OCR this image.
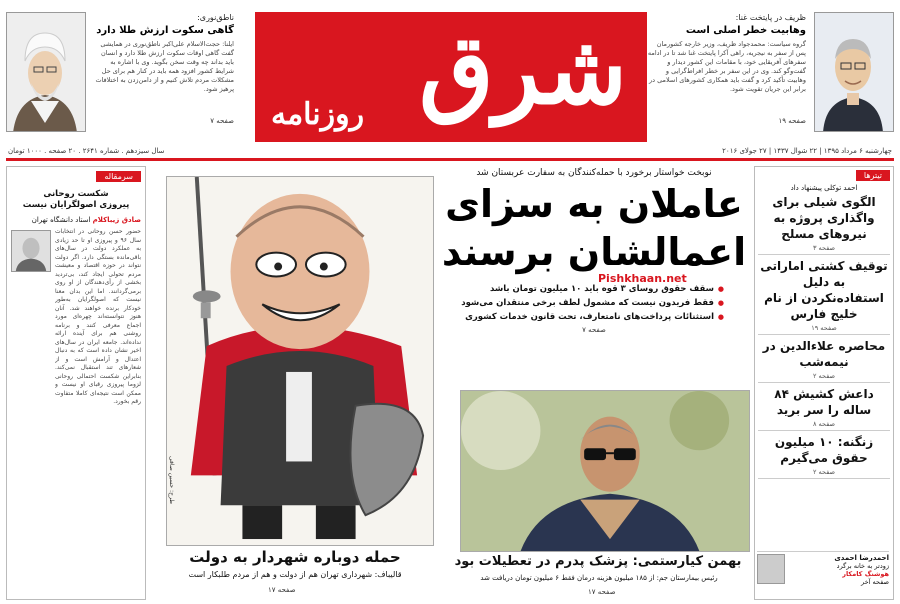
ظریف در پایتخت غنا:
وهابیت خطر اصلی است
گروه سیاست: محمدجواد ظریف، وزیر خارجه کشورمان پس از سفر به نیجریه، راهی آکرا پایتخت غنا شد تا در ادامه سفرهای آفریقایی خود، با مقامات این کشور دیدار و گفت‌وگو کند. وی در این سفر بر خطر افراط‌گرایی و وهابیت تأکید کرد و گفت باید همکاری کشورهای اسلامی در برابر این جریان تقویت شود.
صفحه ۱۹
شرق
روزنامه
ناطق‌نوری:
گاهی سکوت ارزش طلا دارد
ایلنا: حجت‌الاسلام علی‌اکبر ناطق‌نوری در همایشی گفت گاهی اوقات سکوت ارزش طلا دارد و انسان باید بداند چه وقت سخن بگوید. وی با اشاره به شرایط کشور افزود همه باید در کنار هم برای حل مشکلات مردم تلاش کنیم و از دامن‌زدن به اختلافات پرهیز شود.
صفحه ۷
چهارشنبه ۶ مرداد ۱۳۹۵ | ۲۲ شوال ۱۴۳۷ | ۲۷ جولای ۲۰۱۶
سال سیزدهم . شماره ۲۶۴۱ . ۲۰ صفحه . ۱۰۰۰ تومان
سرمقاله
شکست روحانی
پیروزی اصولگرایان نیست
صادق زیباکلام استاد دانشگاه تهران
حضور حسن روحانی در انتخابات سال ۹۶ و پیروزی او تا حد زیادی به عملکرد دولت در سال‌های باقی‌مانده بستگی دارد. اگر دولت نتواند در حوزه اقتصاد و معیشت مردم تحولی ایجاد کند، بی‌تردید بخشی از رأی‌دهندگان از او روی برمی‌گردانند. اما این بدان معنا نیست که اصولگرایان به‌طور خودکار برنده خواهند شد. آنان هنوز نتوانسته‌اند چهره‌ای مورد اجماع معرفی کنند و برنامه روشنی هم برای آینده ارائه نداده‌اند. جامعه ایران در سال‌های اخیر نشان داده است که به دنبال اعتدال و آرامش است و از شعارهای تند استقبال نمی‌کند. بنابراین شکست احتمالی روحانی لزوما پیروزی رقبای او نیست و ممکن است نتیجه‌ای کاملا متفاوت رقم بخورد.
طرح: حسین صافی
حمله دوباره شهردار به دولت
قالیباف: شهرداری تهران هم از دولت و هم از مردم طلبکار است
صفحه ۱۷
نوبخت خواستار برخورد با حمله‌کنندگان به سفارت عربستان شد
عاملان به سزای
اعمالشان برسند
Pishkhaan.net
● سقف حقوق روسای ۳ قوه باید ۱۰ میلیون تومان باشد
● فقط فریدون نیست که مشمول لطف برخی منتقدان می‌شود
● استثنائات پرداخت‌های نامتعارف، تحت قانون خدمات کشوری
صفحه ۷
بهمن کیارستمی: پزشک پدرم در تعطیلات بود
رئیس بیمارستان جم: از ۱۸۵ میلیون هزینه درمان فقط ۶ میلیون تومان دریافت شد
صفحه ۱۷
تیترها
احمد توکلی پیشنهاد داد
الگوی شیلی برای واگذاری پروژه به نیروهای مسلح
صفحه ۳
توقیف کشتی اماراتی به دلیل استفاده‌نکردن از نام خلیج فارس
صفحه ۱۹
محاصره علاءالدین در نیمه‌شب
صفحه ۲
داعش کشیش ۸۴ ساله را سر برید
صفحه ۸
زنگنه: ۱۰ میلیون حقوق می‌گیرم
صفحه ۲
احمدرضا احمدی
زودتر به خانه برگرد
هوشنگ کامکار
صفحه آخر
